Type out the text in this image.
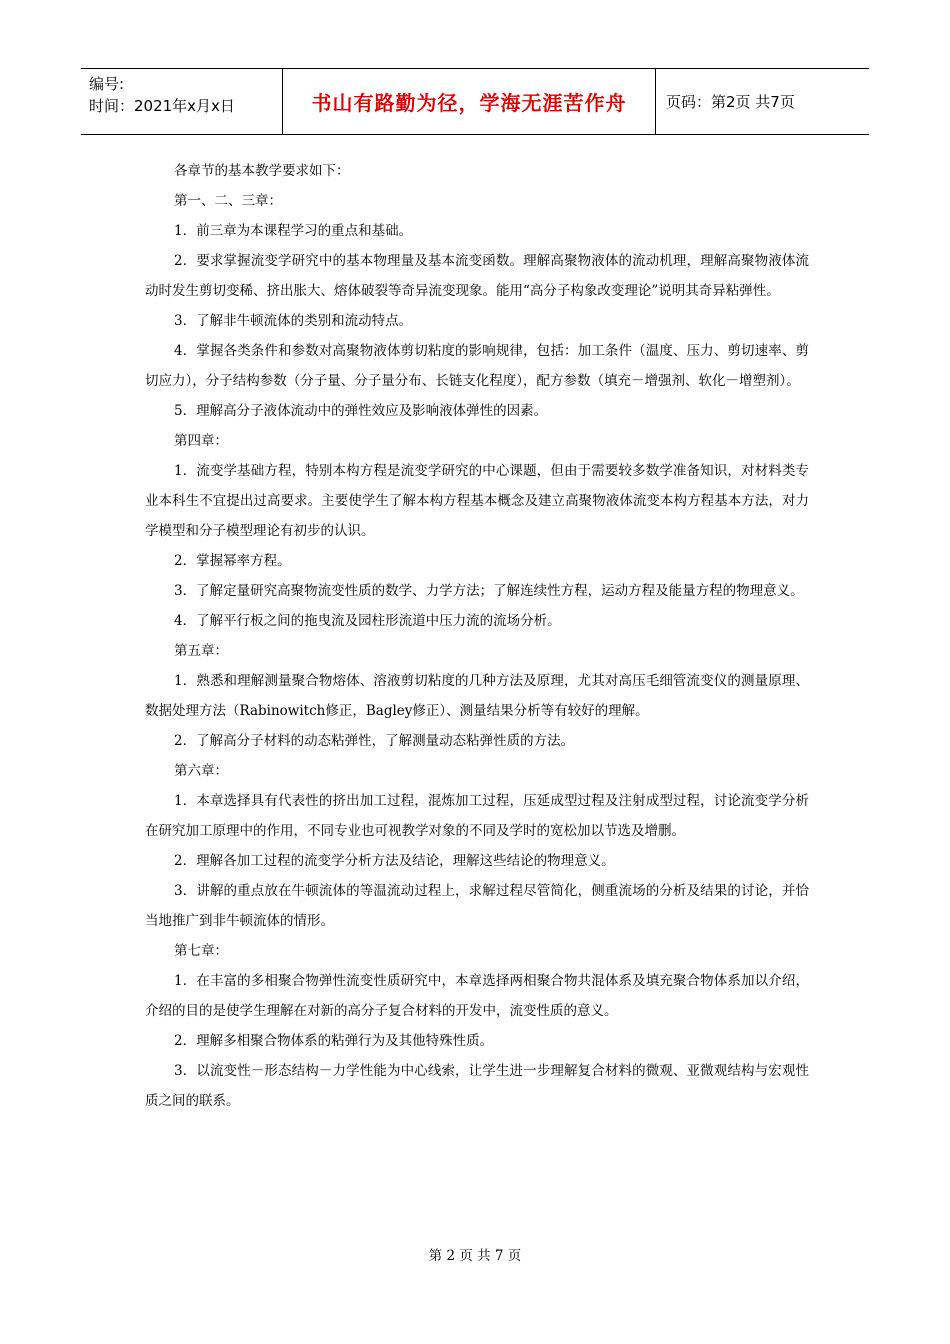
编号:
时间：2021年x月x日	书山有路勤为径，学海无涯苦作舟	页码：第2页 共7页

各章节的基本教学要求如下：

第一、二、三章：

1．前三章为本课程学习的重点和基础。

2．要求掌握流变学研究中的基本物理量及基本流变函数。理解高聚物液体的流动机理，理解高聚物液体流动时发生剪切变稀、挤出胀大、熔体破裂等奇异流变现象。能用“高分子构象改变理论”说明其奇异粘弹性。

3．了解非牛顿流体的类别和流动特点。

4．掌握各类条件和参数对高聚物液体剪切粘度的影响规律，包括：加工条件（温度、压力、剪切速率、剪切应力），分子结构参数（分子量、分子量分布、长链支化程度），配方参数（填充－增强剂、软化－增塑剂）。

5．理解高分子液体流动中的弹性效应及影响液体弹性的因素。

第四章：

1．流变学基础方程，特别本构方程是流变学研究的中心课题，但由于需要较多数学准备知识，对材料类专业本科生不宜提出过高要求。主要使学生了解本构方程基本概念及建立高聚物液体流变本构方程基本方法，对力学模型和分子模型理论有初步的认识。

2．掌握幂率方程。

3．了解定量研究高聚物流变性质的数学、力学方法；了解连续性方程，运动方程及能量方程的物理意义。

4．了解平行板之间的拖曳流及园柱形流道中压力流的流场分析。

第五章：

1．熟悉和理解测量聚合物熔体、溶液剪切粘度的几种方法及原理，尤其对高压毛细管流变仪的测量原理、数据处理方法（Rabinowitch修正，Bagley修正）、测量结果分析等有较好的理解。

2．了解高分子材料的动态粘弹性，了解测量动态粘弹性质的方法。

第六章：

1．本章选择具有代表性的挤出加工过程，混炼加工过程，压延成型过程及注射成型过程，讨论流变学分析在研究加工原理中的作用，不同专业也可视教学对象的不同及学时的宽松加以节选及增删。

2．理解各加工过程的流变学分析方法及结论，理解这些结论的物理意义。

3．讲解的重点放在牛顿流体的等温流动过程上，求解过程尽管简化，侧重流场的分析及结果的讨论，并恰当地推广到非牛顿流体的情形。

第七章：

1．在丰富的多相聚合物弹性流变性质研究中，本章选择两相聚合物共混体系及填充聚合物体系加以介绍，介绍的目的是使学生理解在对新的高分子复合材料的开发中，流变性质的意义。

2．理解多相聚合物体系的粘弹行为及其他特殊性质。

3．以流变性－形态结构－力学性能为中心线索，让学生进一步理解复合材料的微观、亚微观结构与宏观性质之间的联系。

第 2 页 共 7 页
